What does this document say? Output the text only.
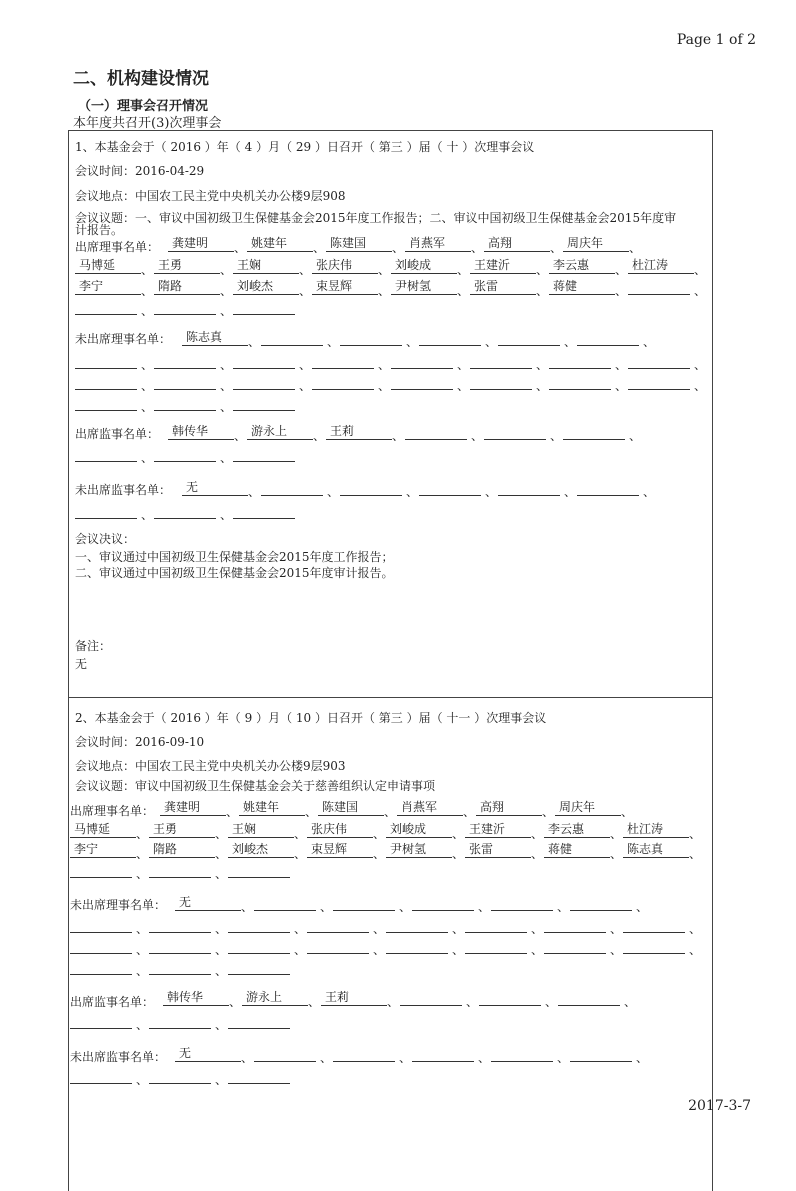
Page 1 of 2
二、机构建设情况
（一）理事会召开情况
本年度共召开(3)次理事会
1、本基金会于（ 2016 ）年（ 4 ）月（ 29 ）日召开（ 第三 ）届（ 十 ）次理事会议
会议时间：2016-04-29
会议地点：中国农工民主党中央机关办公楼9层908
会议议题：一、审议中国初级卫生保健基金会2015年度工作报告；二、审议中国初级卫生保健基金会2015年度审
计报告。
出席理事名单：	龚建明	、 姚建年	、 陈建国	、 肖燕军	、 高翔	、 周庆年	、
马博延	、 王勇	、 王娴	、 张庆伟	、 刘峻成	、 王建沂	、 李云惠	、 杜江涛	、
李宁	、 隋路	、 刘峻杰	、 束昱辉	、 尹树氢	、 张雷	、 蒋健	、	、
、	、
未出席理事名单：	陈志真	、	、	、	、	、	、
、	、	、	、	、	、	、	、
、	、	、	、	、	、	、	、
、	、
出席监事名单：	韩传华	、 游永上	、 王莉	、	、	、	、
、	、
未出席监事名单：	无	、	、	、	、	、	、
、	、
会议决议：
一、审议通过中国初级卫生保健基金会2015年度工作报告；
二、审议通过中国初级卫生保健基金会2015年度审计报告。
备注：
无
2、本基金会于（ 2016 ）年（ 9 ）月（ 10 ）日召开（ 第三 ）届（ 十一 ）次理事会议
会议时间：2016-09-10
会议地点：中国农工民主党中央机关办公楼9层903
会议议题：审议中国初级卫生保健基金会关于慈善组织认定申请事项
出席理事名单： 龚建明	、 姚建年	、 陈建国	、 肖燕军	、 高翔	、 周庆年	、
马博延	、 王勇	、 王娴	、 张庆伟	、 刘峻成	、 王建沂	、 李云惠	、 杜江涛	、
李宁	、 隋路	、 刘峻杰	、 束昱辉	、 尹树氢	、 张雷	、 蒋健	、 陈志真	、
、	、
未出席理事名单：	无	、	、	、	、	、	、
、	、	、	、	、	、	、	、
、	、	、	、	、	、	、	、
、	、
出席监事名单：	韩传华	、 游永上	、 王莉	、	、	、	、
、	、
未出席监事名单：	无	、	、	、	、	、	、
、	、
2017-3-7
